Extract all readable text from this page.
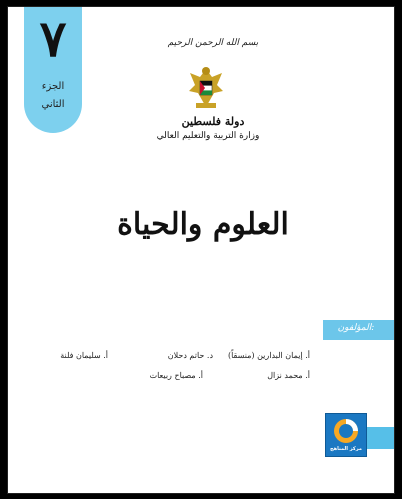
٧
الجزء
الثاني
بسم الله الرحمن الرحيم
دولة فلسطين
وزارة التربية والتعليم العالي
العلوم والحياة
المؤلفون:
أ. إيمان البدارين (منسقاً)
د. حاتم دحلان
أ. سليمان فلنة
أ. محمد نزال
أ. مصباح ربيعات
مركز المناهج
